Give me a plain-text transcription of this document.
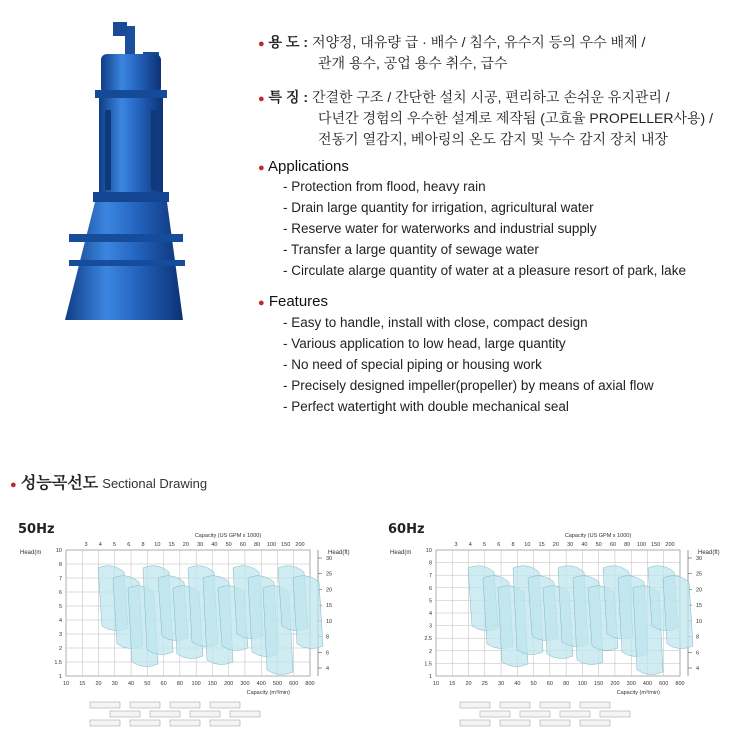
● 용 도 : 저양정, 대유량 급 · 배수 / 침수, 유수지 등의 우수 배제 /
관개 용수, 공업 용수 취수, 급수
● 특 징 : 간결한 구조 / 간단한 설치 시공, 편리하고 손쉬운 유지관리 /
다년간 경험의 우수한 설계로 제작됨 (고효율 PROPELLER사용) /
전동기 열감지, 베아링의 온도 감지 및 누수 감지 장치 내장
● Applications
- Protection from flood, heavy rain
- Drain large quantity for irrigation, agricultural water
- Reserve water for waterworks and industrial supply
- Transfer a large quantity of sewage water
- Circulate alarge quantity of water at a pleasure resort of park, lake
● Features
- Easy to handle, install with close, compact design
- Various application to low head, large quantity
- No need of special piping or housing work
- Precisely designed impeller(propeller) by means of axial flow
- Perfect watertight with double mechanical seal
● 성능곡선도 Sectional Drawing
50Hz	60Hz
10 15 20 30 40 50 60 80 100 150 200 300 400 500 600 800
3 4 5 6 8 10 15 20 30 40 50 60 80 100 150 200
Capacity (US GPM x 1000)
10
8
7
6
5
4
3
2
1.5
1
Head(m
30
25
20
15
10
8
6
4
Head(ft)
Capacity (m³/min)
10 15 20 25 30 40 50 60 80 100 150 200 300 400 600 800
3 4 5 6 8 10 15 20 30 40 50 60 80 100 150 200
Capacity (US GPM x 1000)
10
8
7
6
5
4
3
2.5
2
1.5
1
Head(m
30
25
20
15
10
8
6
4
Head(ft)
Capacity (m³/min)
